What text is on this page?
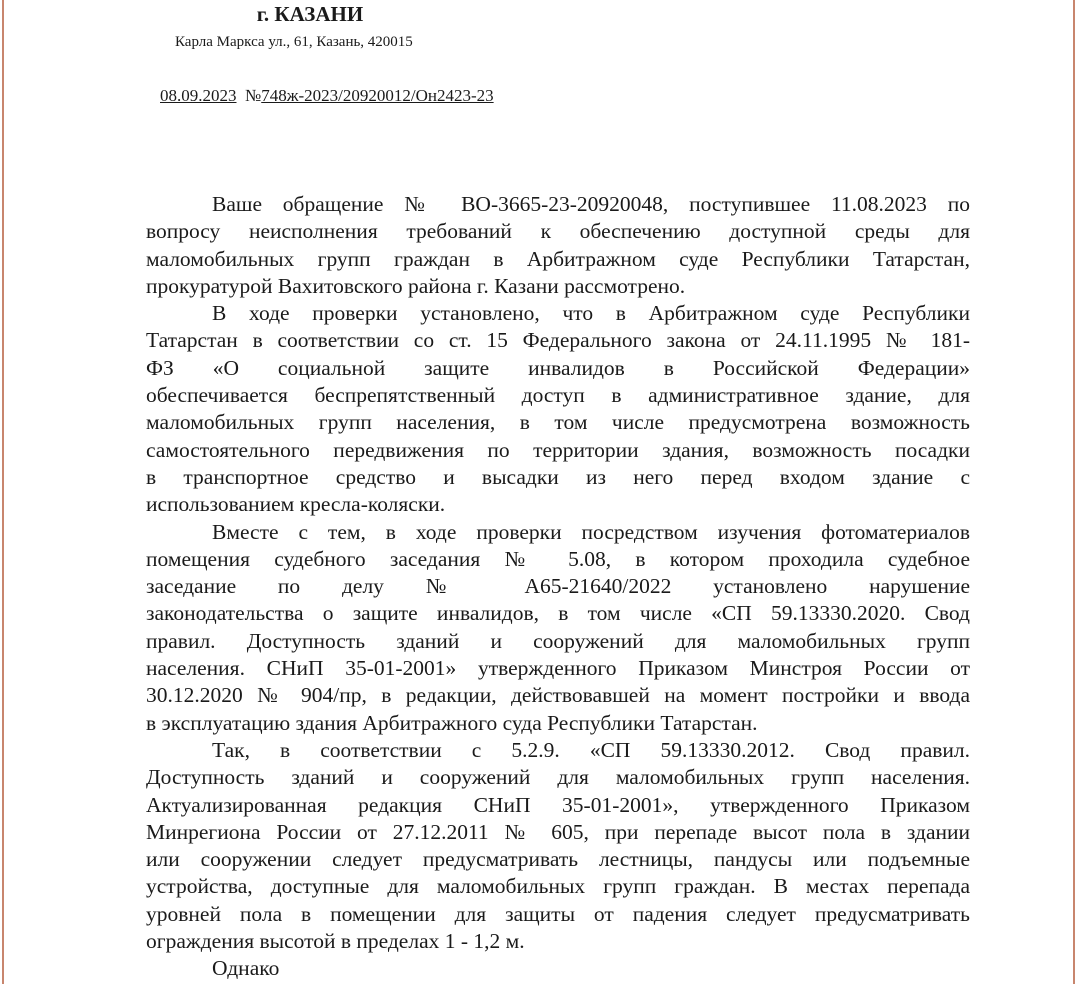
г. КАЗАНИ
Карла Маркса ул., 61, Казань, 420015
08.09.2023 №748ж-2023/20920012/Он2423-23
Ваше обращение № ВО-3665-23-20920048, поступившее 11.08.2023 по
вопросу неисполнения требований к обеспечению доступной среды для
маломобильных групп граждан в Арбитражном суде Республики Татарстан,
прокуратурой Вахитовского района г. Казани рассмотрено.
В ходе проверки установлено, что в Арбитражном суде Республики
Татарстан в соответствии со ст. 15 Федерального закона от 24.11.1995 № 181-
ФЗ «О социальной защите инвалидов в Российской Федерации»
обеспечивается беспрепятственный доступ в административное здание, для
маломобильных групп населения, в том числе предусмотрена возможность
самостоятельного передвижения по территории здания, возможность посадки
в транспортное средство и высадки из него перед входом здание с
использованием кресла-коляски.
Вместе с тем, в ходе проверки посредством изучения фотоматериалов
помещения судебного заседания № 5.08, в котором проходила судебное
заседание по делу № А65-21640/2022 установлено нарушение
законодательства о защите инвалидов, в том числе «СП 59.13330.2020. Свод
правил. Доступность зданий и сооружений для маломобильных групп
населения. СНиП 35-01-2001» утвержденного Приказом Минстроя России от
30.12.2020 № 904/пр, в редакции, действовавшей на момент постройки и ввода
в эксплуатацию здания Арбитражного суда Республики Татарстан.
Так, в соответствии с 5.2.9. «СП 59.13330.2012. Свод правил.
Доступность зданий и сооружений для маломобильных групп населения.
Актуализированная редакция СНиП 35-01-2001», утвержденного Приказом
Минрегиона России от 27.12.2011 № 605, при перепаде высот пола в здании
или сооружении следует предусматривать лестницы, пандусы или подъемные
устройства, доступные для маломобильных групп граждан. В местах перепада
уровней пола в помещении для защиты от падения следует предусматривать
ограждения высотой в пределах 1 - 1,2 м.
Однако
